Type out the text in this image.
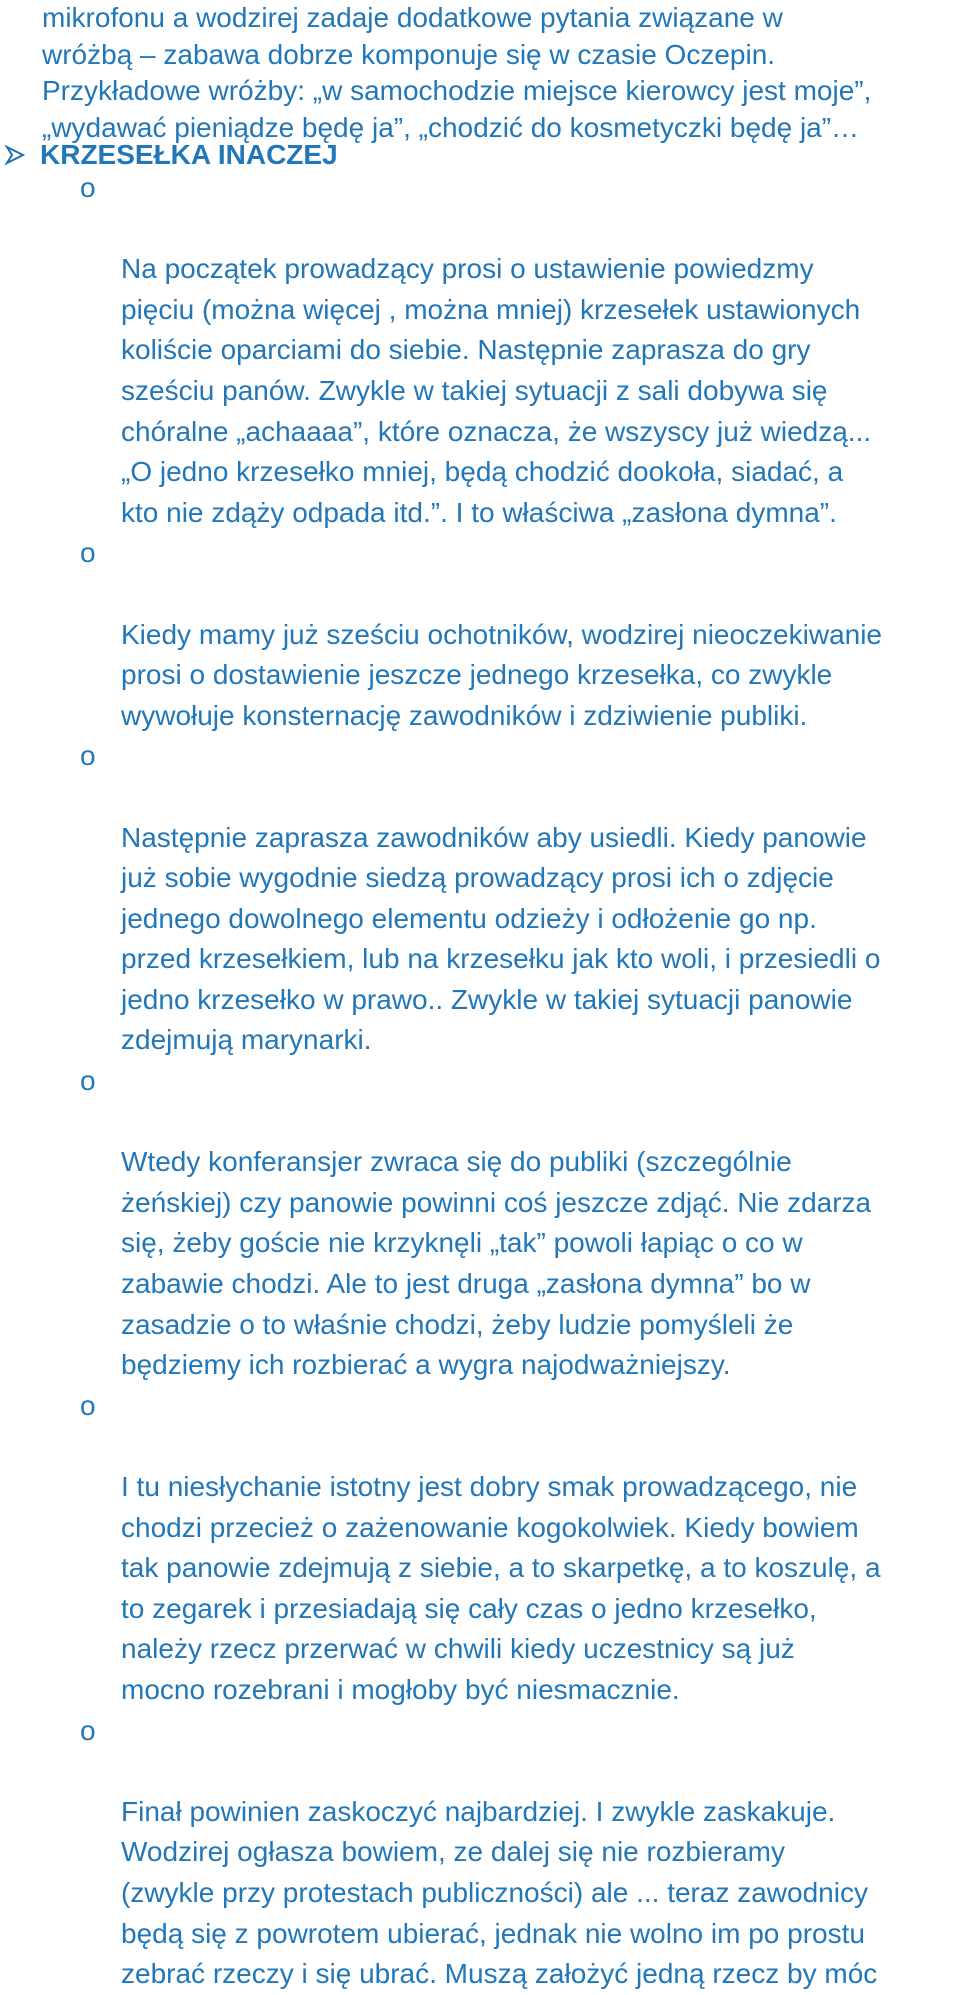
mikrofonu a wodzirej zadaje dodatkowe pytania związane w
wróżbą – zabawa dobrze komponuje się w czasie Oczepin.
Przykładowe wróżby: „w samochodzie miejsce kierowcy jest moje”,
„wydawać pieniądze będę ja”, „chodzić do kosmetyczki będę ja”…
KRZESEŁKA INACZEJ

o

Na początek prowadzący prosi o ustawienie powiedzmy
pięciu (można więcej , można mniej) krzesełek ustawionych
koliście oparciami do siebie. Następnie zaprasza do gry
sześciu panów. Zwykle w takiej sytuacji z sali dobywa się
chóralne „achaaaa”, które oznacza, że wszyscy już wiedzą...
„O jedno krzesełko mniej, będą chodzić dookoła, siadać, a
kto nie zdąży odpada itd.”. I to właściwa „zasłona dymna”.

o

Kiedy mamy już sześciu ochotników, wodzirej nieoczekiwanie
prosi o dostawienie jeszcze jednego krzesełka, co zwykle
wywołuje konsternację zawodników i zdziwienie publiki.

o

Następnie zaprasza zawodników aby usiedli. Kiedy panowie
już sobie wygodnie siedzą prowadzący prosi ich o zdjęcie
jednego dowolnego elementu odzieży i odłożenie go np.
przed krzesełkiem, lub na krzesełku jak kto woli, i przesiedli o
jedno krzesełko w prawo.. Zwykle w takiej sytuacji panowie
zdejmują marynarki.

o

Wtedy konferansjer zwraca się do publiki (szczególnie
żeńskiej) czy panowie powinni coś jeszcze zdjąć. Nie zdarza
się, żeby goście nie krzyknęli „tak” powoli łapiąc o co w
zabawie chodzi. Ale to jest druga „zasłona dymna” bo w
zasadzie o to właśnie chodzi, żeby ludzie pomyśleli że
będziemy ich rozbierać a wygra najodważniejszy.

o

I tu niesłychanie istotny jest dobry smak prowadzącego, nie
chodzi przecież o zażenowanie kogokolwiek. Kiedy bowiem
tak panowie zdejmują z siebie, a to skarpetkę, a to koszulę, a
to zegarek i przesiadają się cały czas o jedno krzesełko,
należy rzecz przerwać w chwili kiedy uczestnicy są już
mocno rozebrani i mogłoby być niesmacznie.

o

Finał powinien zaskoczyć najbardziej. I zwykle zaskakuje.
Wodzirej ogłasza bowiem, ze dalej się nie rozbieramy
(zwykle przy protestach publiczności) ale ... teraz zawodnicy
będą się z powrotem ubierać, jednak nie wolno im po prostu
zebrać rzeczy i się ubrać. Muszą założyć jedną rzecz by móc
